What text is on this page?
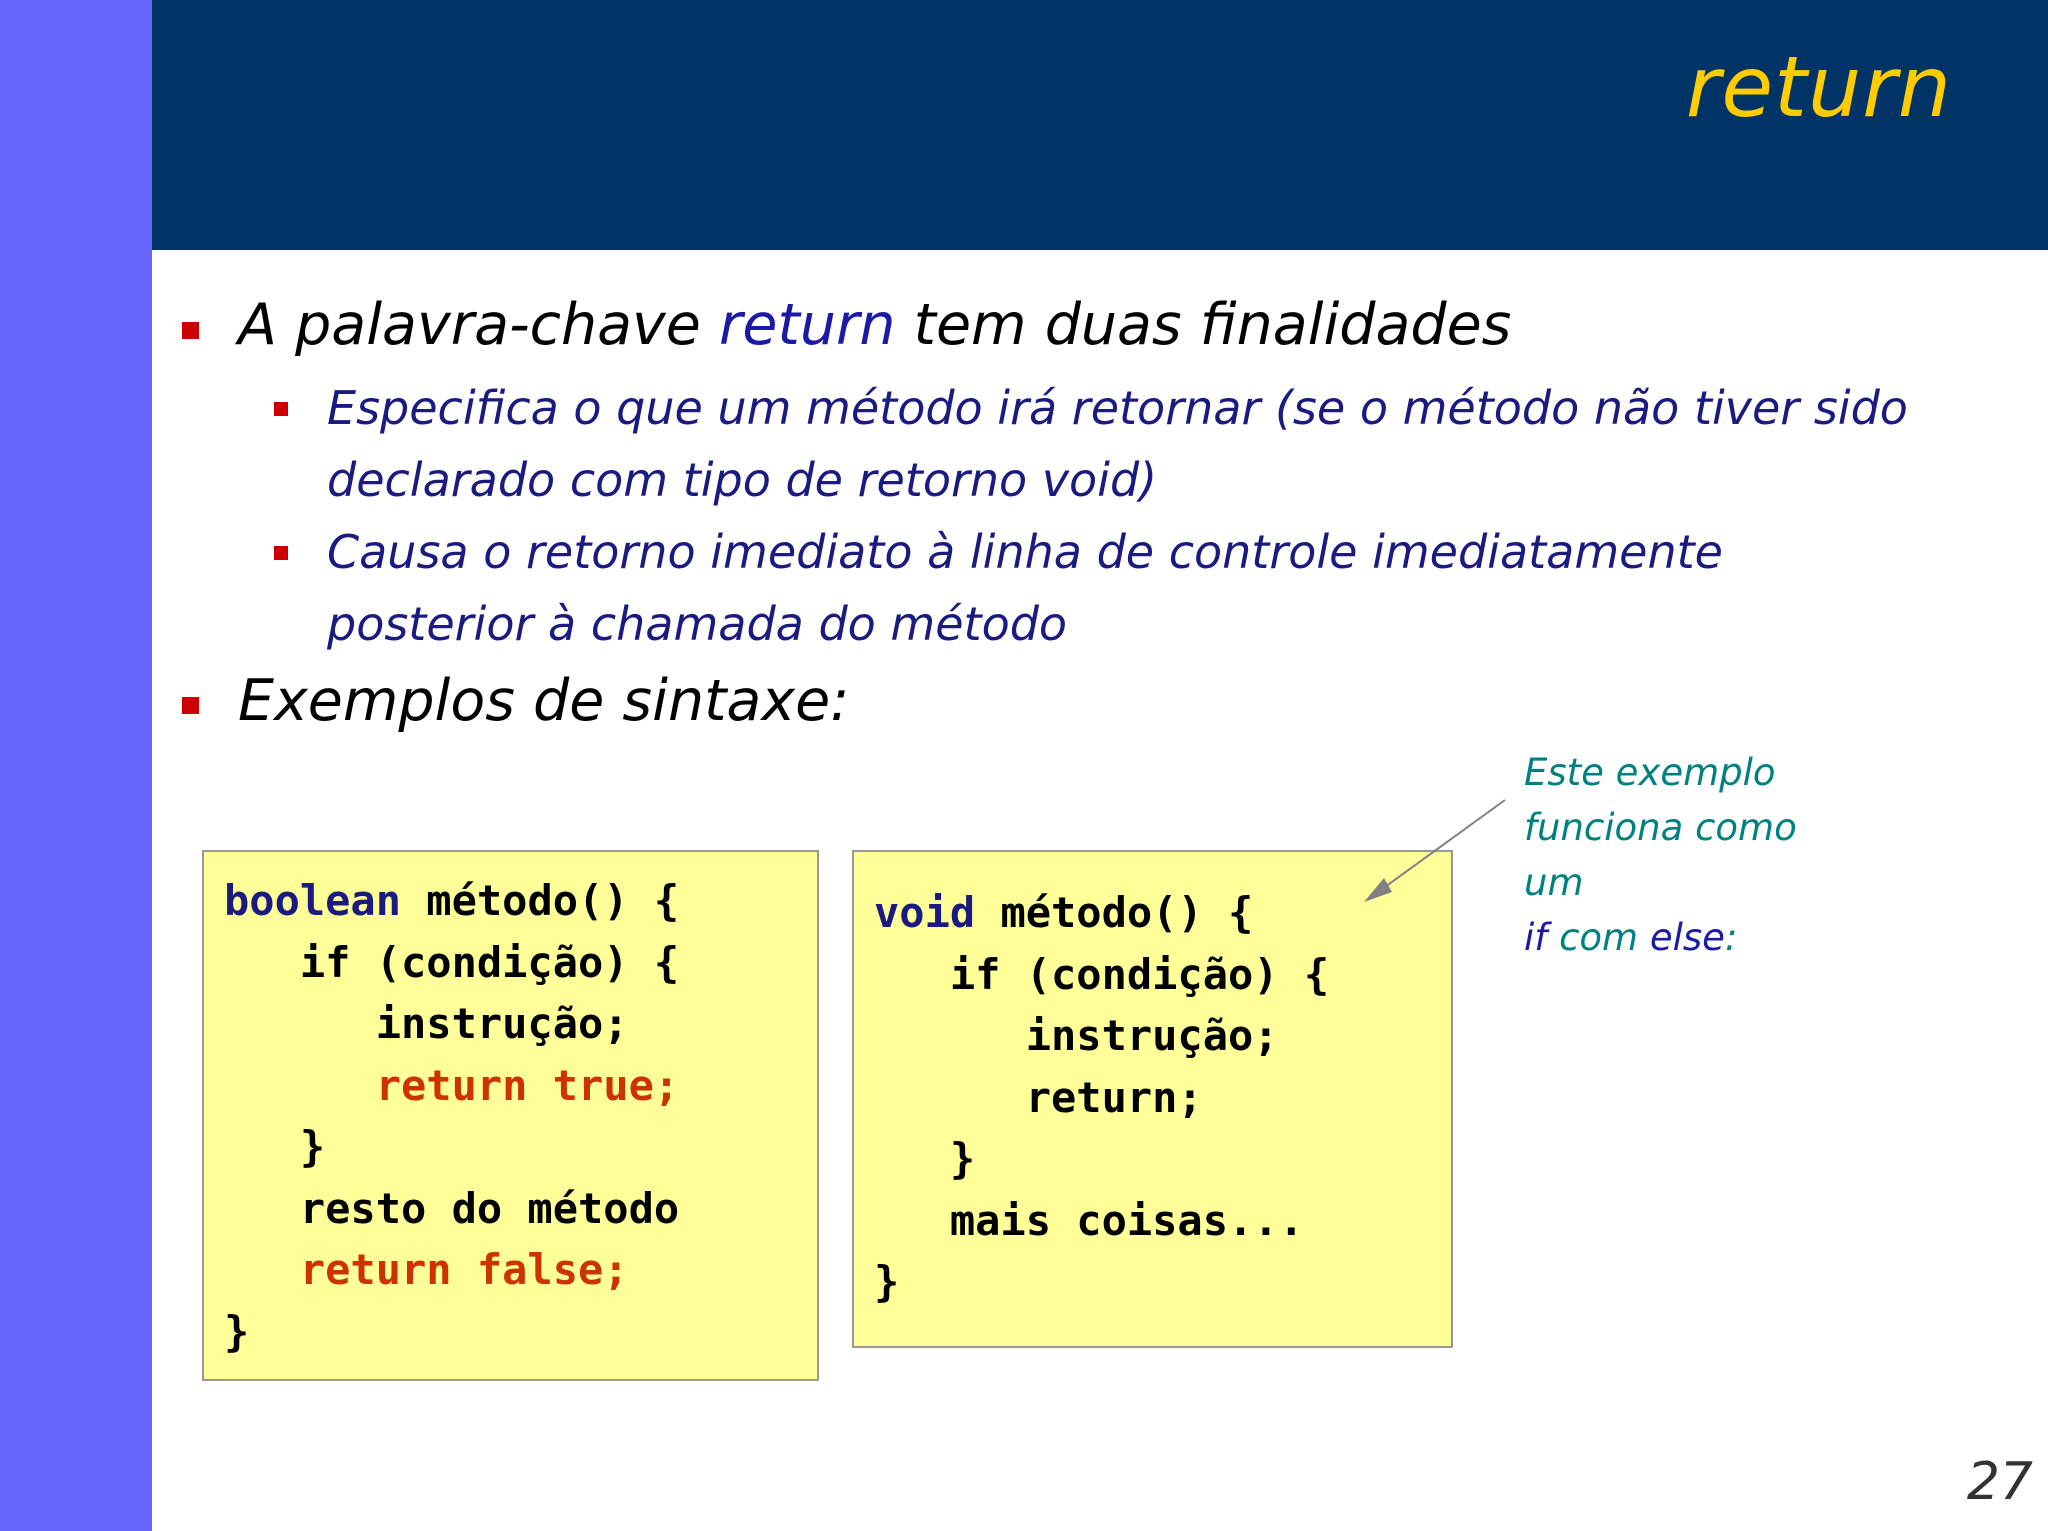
return
A palavra-chave return tem duas finalidades
Especifica o que um método irá retornar (se o método não tiver sido
declarado com tipo de retorno void)
Causa o retorno imediato à linha de controle imediatamente
posterior à chamada do método
Exemplos de sintaxe:
boolean método() {
if (condição) {
instrução;
return true;
}
resto do método
return false;
}
void método() {
if (condição) {
instrução;
return;
}
mais coisas...
}
Este exemplo
funciona como um
if com else:
27
